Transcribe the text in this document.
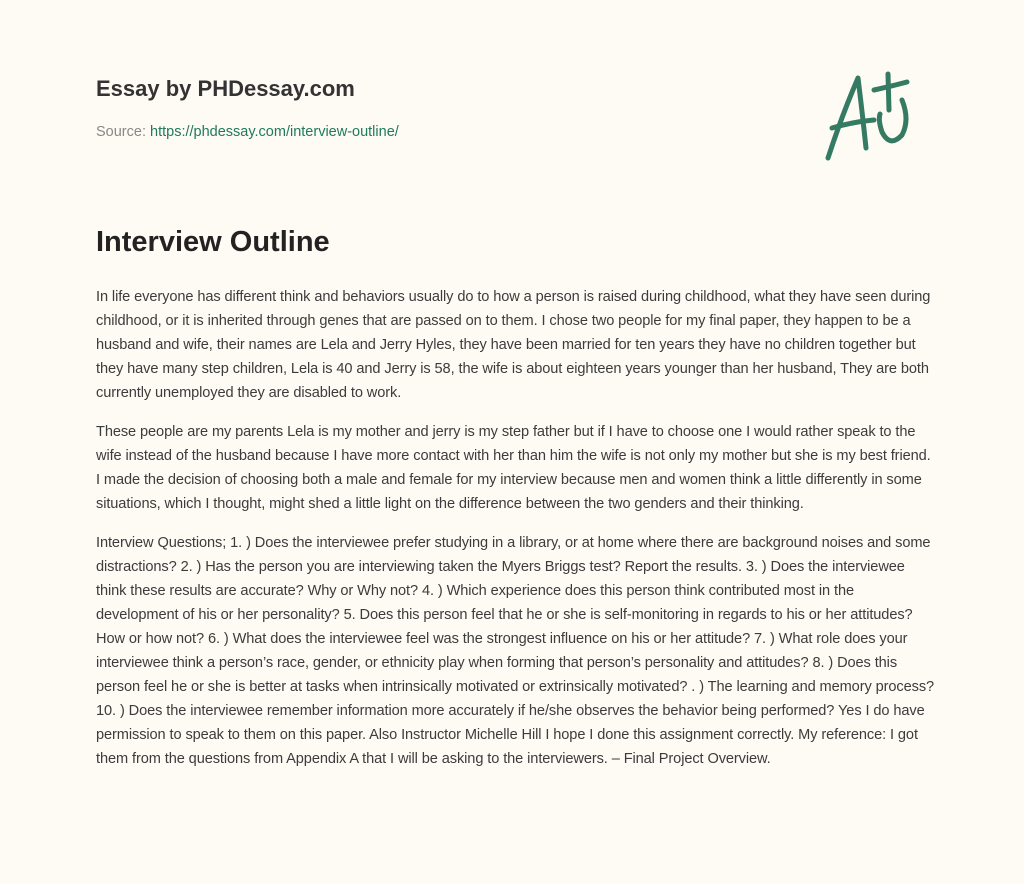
Essay by PHDessay.com
Source: https://phdessay.com/interview-outline/
Interview Outline

In life everyone has different think and behaviors usually do to how a person is raised during childhood, what they have seen during childhood, or it is inherited through genes that are passed on to them. I chose two people for my final paper, they happen to be a husband and wife, their names are Lela and Jerry Hyles, they have been married for ten years they have no children together but they have many step children, Lela is 40 and Jerry is 58, the wife is about eighteen years younger than her husband, They are both currently unemployed they are disabled to work.

These people are my parents Lela is my mother and jerry is my step father but if I have to choose one I would rather speak to the wife instead of the husband because I have more contact with her than him the wife is not only my mother but she is my best friend. I made the decision of choosing both a male and female for my interview because men and women think a little differently in some situations, which I thought, might shed a little light on the difference between the two genders and their thinking.

Interview Questions; 1. ) Does the interviewee prefer studying in a library, or at home where there are background noises and some distractions? 2. ) Has the person you are interviewing taken the Myers Briggs test? Report the results. 3. ) Does the interviewee think these results are accurate? Why or Why not? 4. ) Which experience does this person think contributed most in the development of his or her personality? 5. Does this person feel that he or she is self-monitoring in regards to his or her attitudes? How or how not? 6. ) What does the interviewee feel was the strongest influence on his or her attitude? 7. ) What role does your interviewee think a person’s race, gender, or ethnicity play when forming that person’s personality and attitudes? 8. ) Does this person feel he or she is better at tasks when intrinsically motivated or extrinsically motivated? . ) The learning and memory process? 10. ) Does the interviewee remember information more accurately if he/she observes the behavior being performed? Yes I do have permission to speak to them on this paper. Also Instructor Michelle Hill I hope I done this assignment correctly. My reference: I got them from the questions from Appendix A that I will be asking to the interviewers. – Final Project Overview.
